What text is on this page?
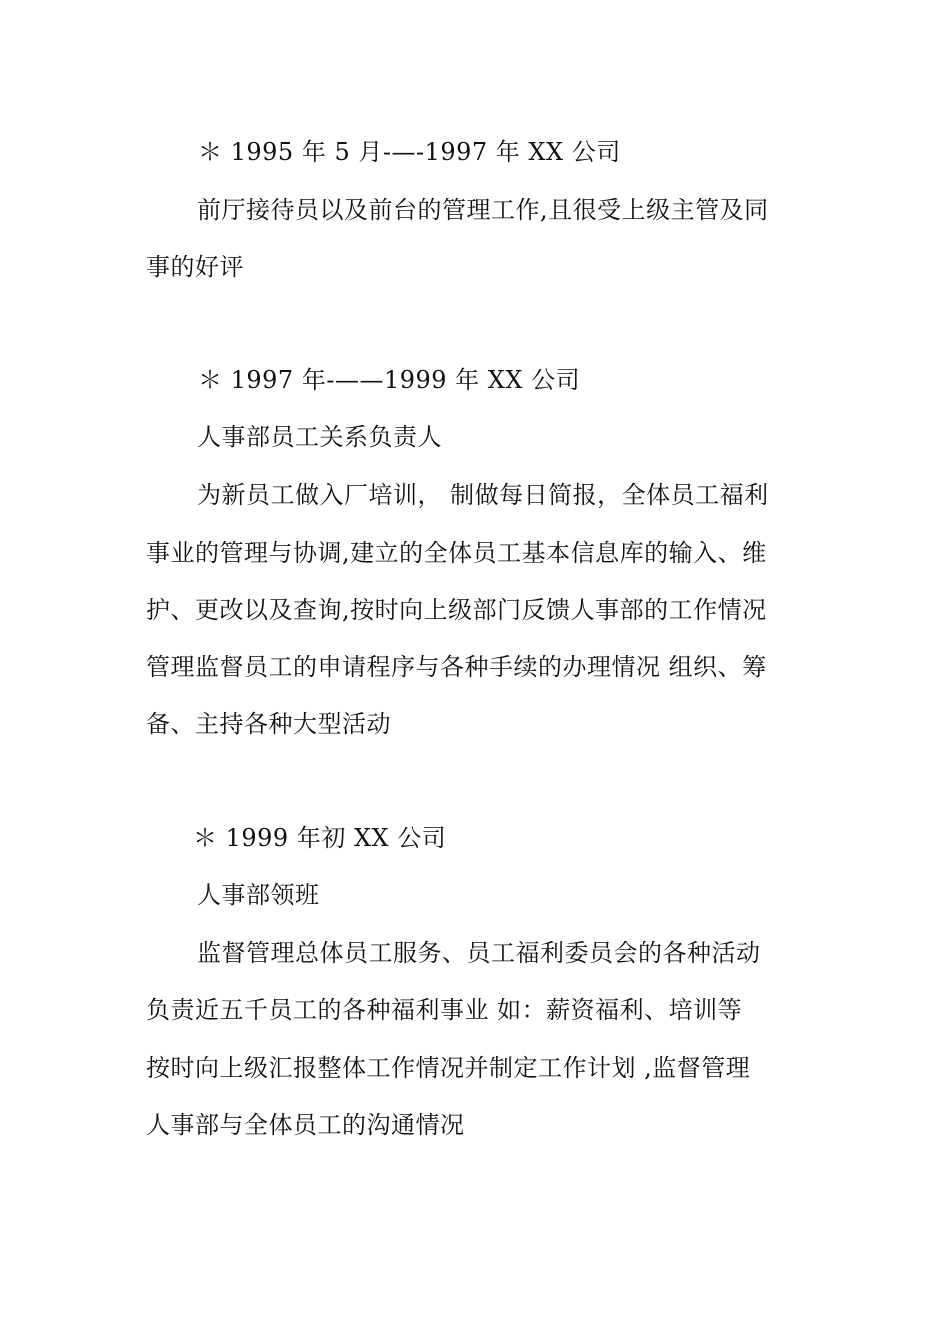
＊ 1995 年 5 月-—-1997 年 XX 公司
前厅接待员以及前台的管理工作,且很受上级主管及同
事的好评
＊ 1997 年-——1999 年 XX 公司
人事部员工关系负责人
为新员工做入厂培训， 制做每日简报，全体员工福利
事业的管理与协调,建立的全体员工基本信息库的输入、维
护、更改以及查询,按时向上级部门反馈人事部的工作情况
管理监督员工的申请程序与各种手续的办理情况 组织、筹
备、主持各种大型活动
＊ 1999 年初 XX 公司
人事部领班
监督管理总体员工服务、员工福利委员会的各种活动
负责近五千员工的各种福利事业 如：薪资福利、培训等
按时向上级汇报整体工作情况并制定工作计划 ,监督管理
人事部与全体员工的沟通情况
